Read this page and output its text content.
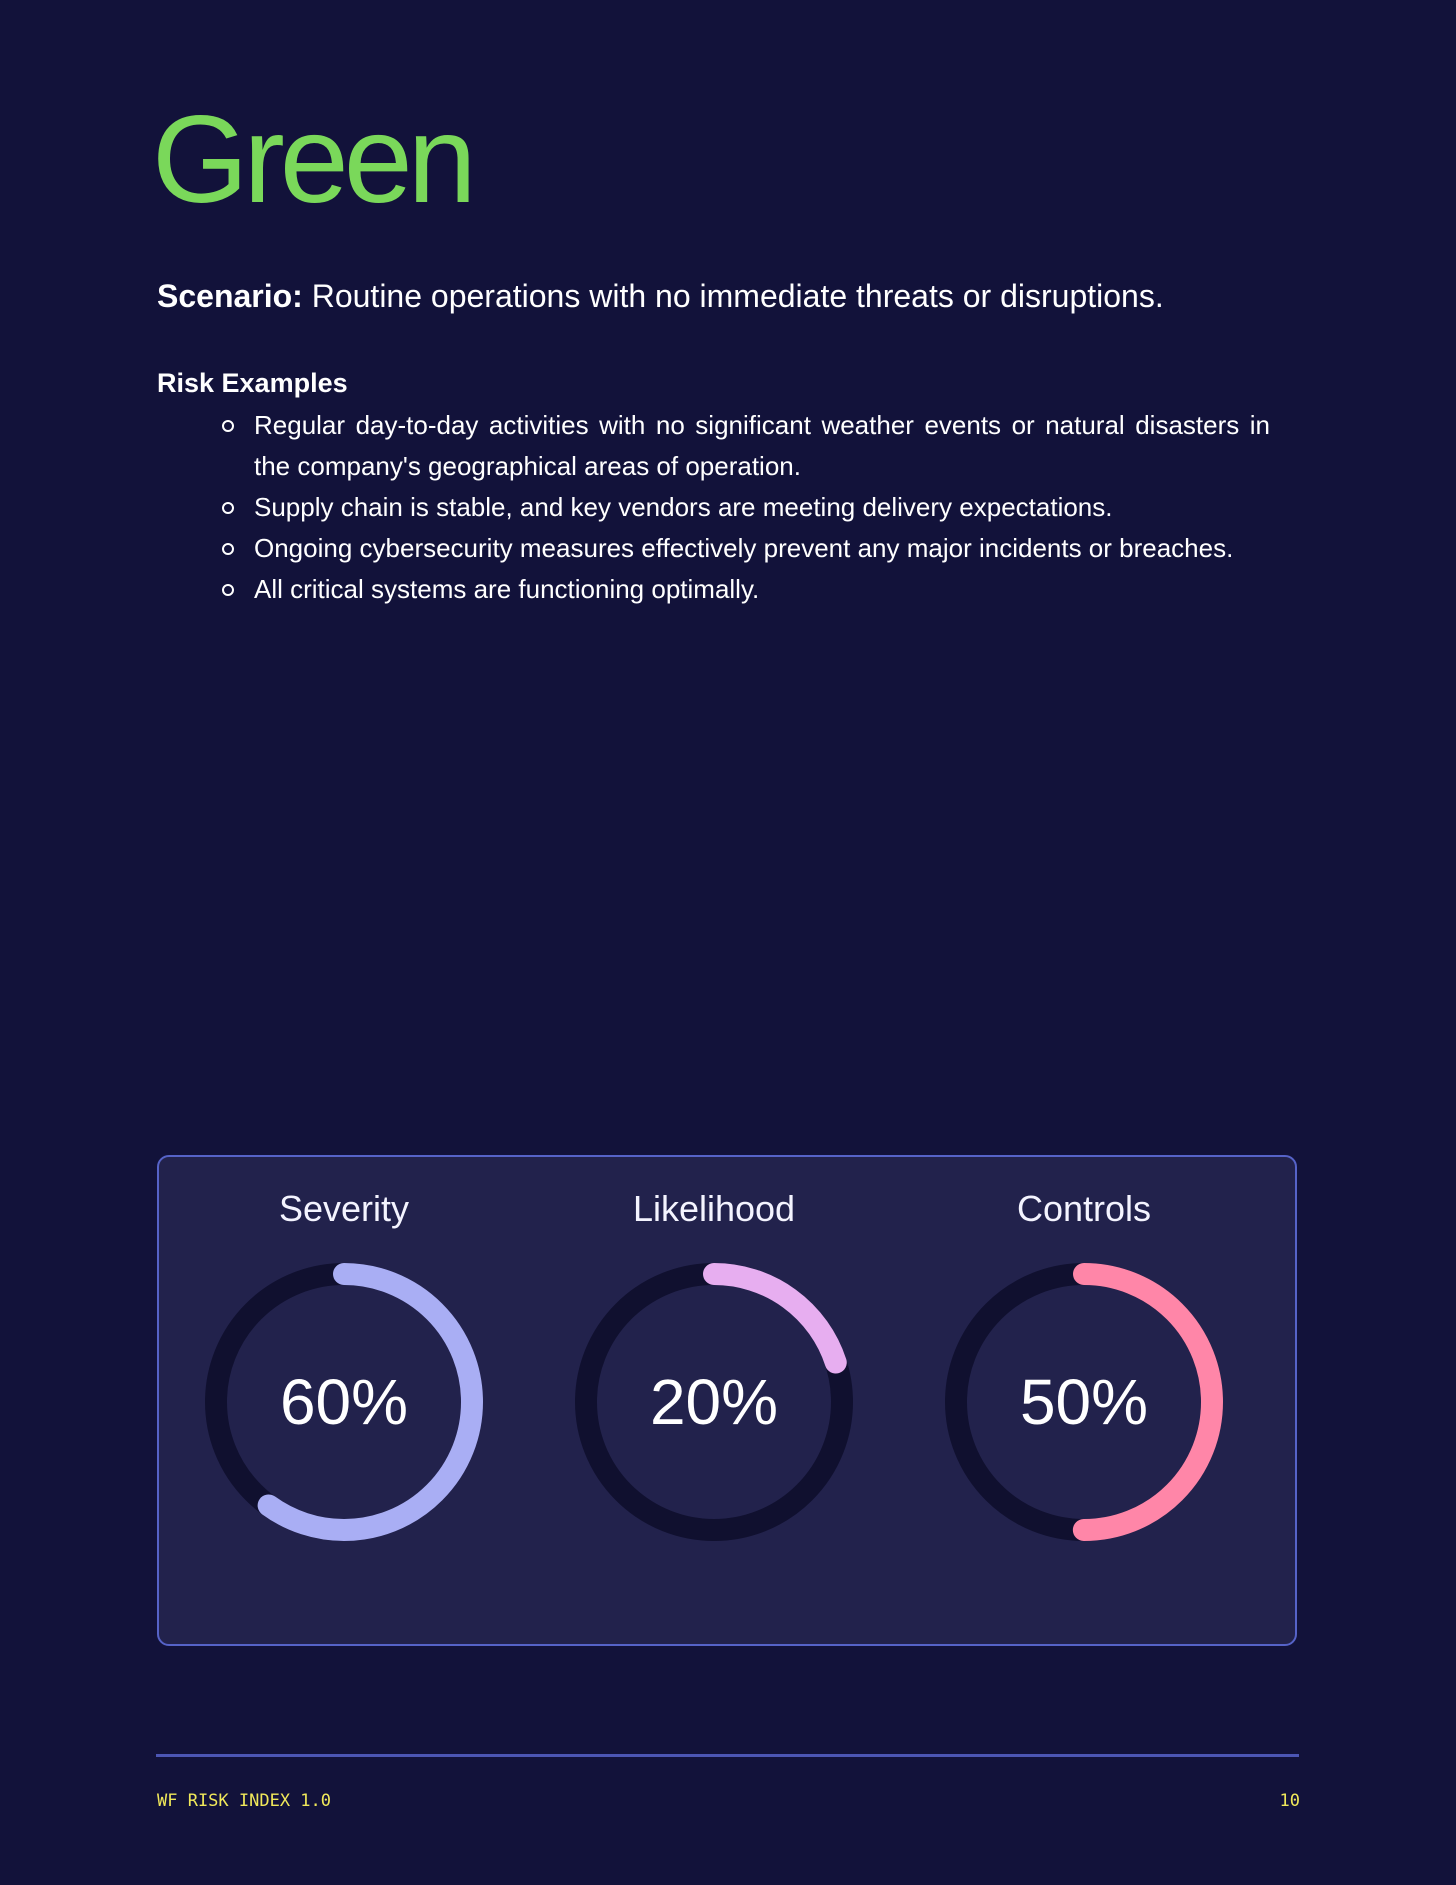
Green

Scenario: Routine operations with no immediate threats or disruptions.

Risk Examples
Regular day-to-day activities with no significant weather events or natural disasters in the company's geographical areas of operation.
Supply chain is stable, and key vendors are meeting delivery expectations.
Ongoing cybersecurity measures effectively prevent any major incidents or breaches.
All critical systems are functioning optimally.
Severity
60%
Likelihood
20%
Controls
50%

WF RISK INDEX 1.0	10
